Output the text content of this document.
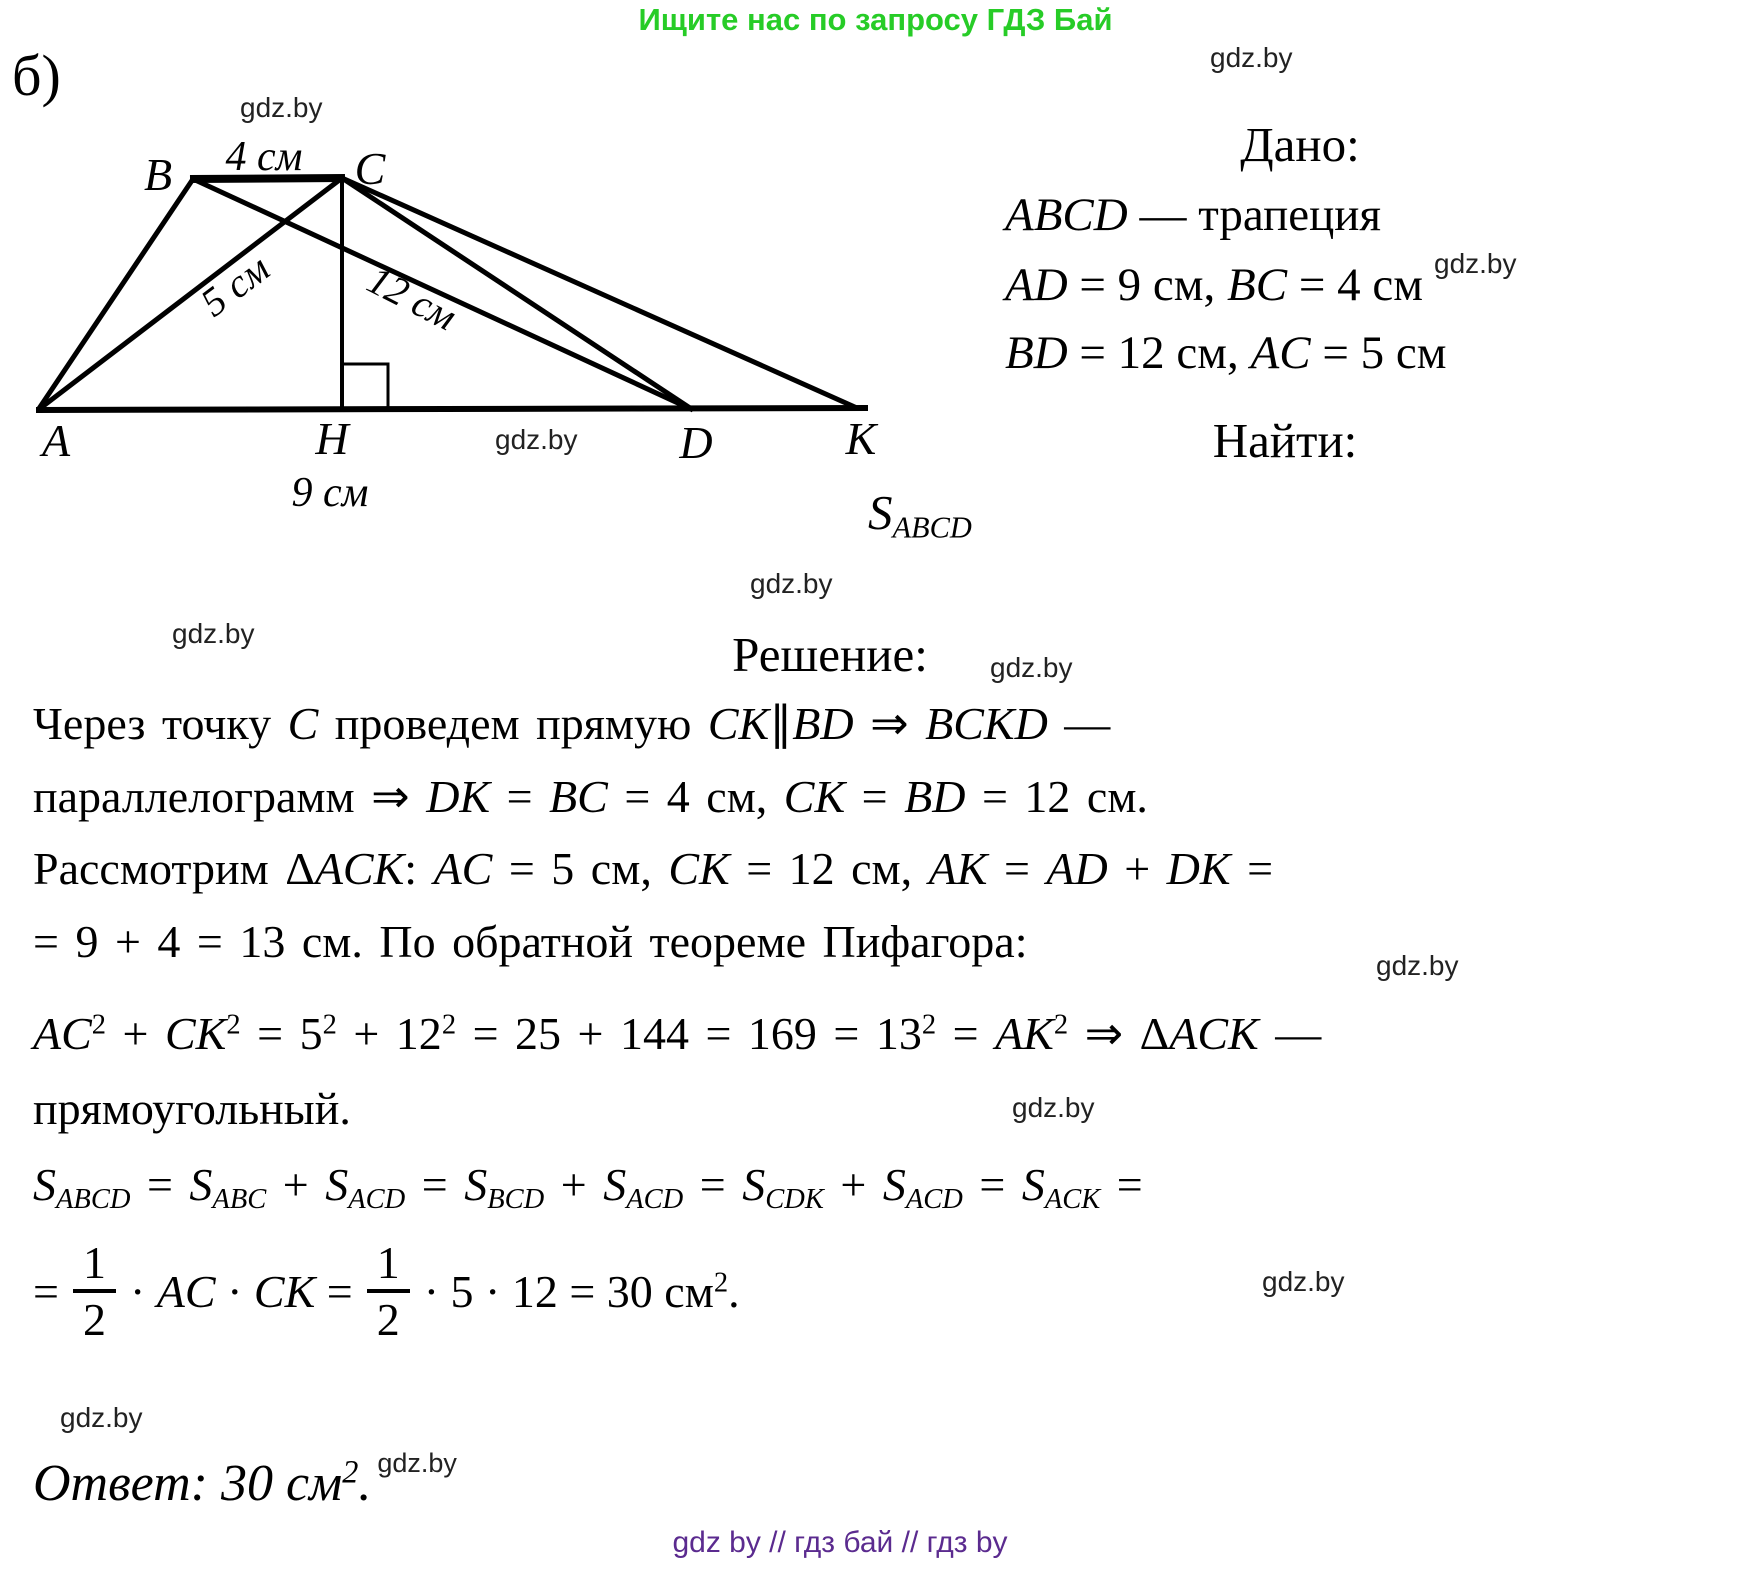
Ищите нас по запросу ГДЗ Бай
б)
B	C
A	H	D	K
4 см
9 см
5 см 12 см
Дано:
ABCD — трапеция
AD = 9 см, BC = 4 см
BD = 12 см, AC = 5 см
Найти:
$S_{ABCD}$
Решение:
Через точку C проведем прямую CK∥BD ⇒ BCKD —
параллелограмм ⇒ DK = BC = 4 см, CK = BD = 12 см.
Рассмотрим ΔACK: AC = 5 см, CK = 12 см, AK = AD + DK =
= 9 + 4 = 13 см. По обратной теореме Пифагора:
$AC^2 + CK^2 = 5^2 + 12^2 = 25 + 144 = 169 = 13^2 = AK^2$ ⇒ ΔACK —
прямоугольный.
$S_{ABCD} = S_{ABC} + S_{ACD} = S_{BCD} + S_{ACD} = S_{CDK} + S_{ACD} = S_{ACK}$ =
= $\frac{1}{2}$ · AC · CK = $\frac{1}{2} \cdot 5 \cdot 12 = 30$ $см^2$.
Ответ: 30 $см^2$. $^{gdz.by}$
gdz by // гдз бай // гдз by
gdz.by
gdz.by
gdz.by
gdz.by
gdz.by
gdz.by
gdz.by
gdz.by
gdz.by
gdz.by
gdz.by
